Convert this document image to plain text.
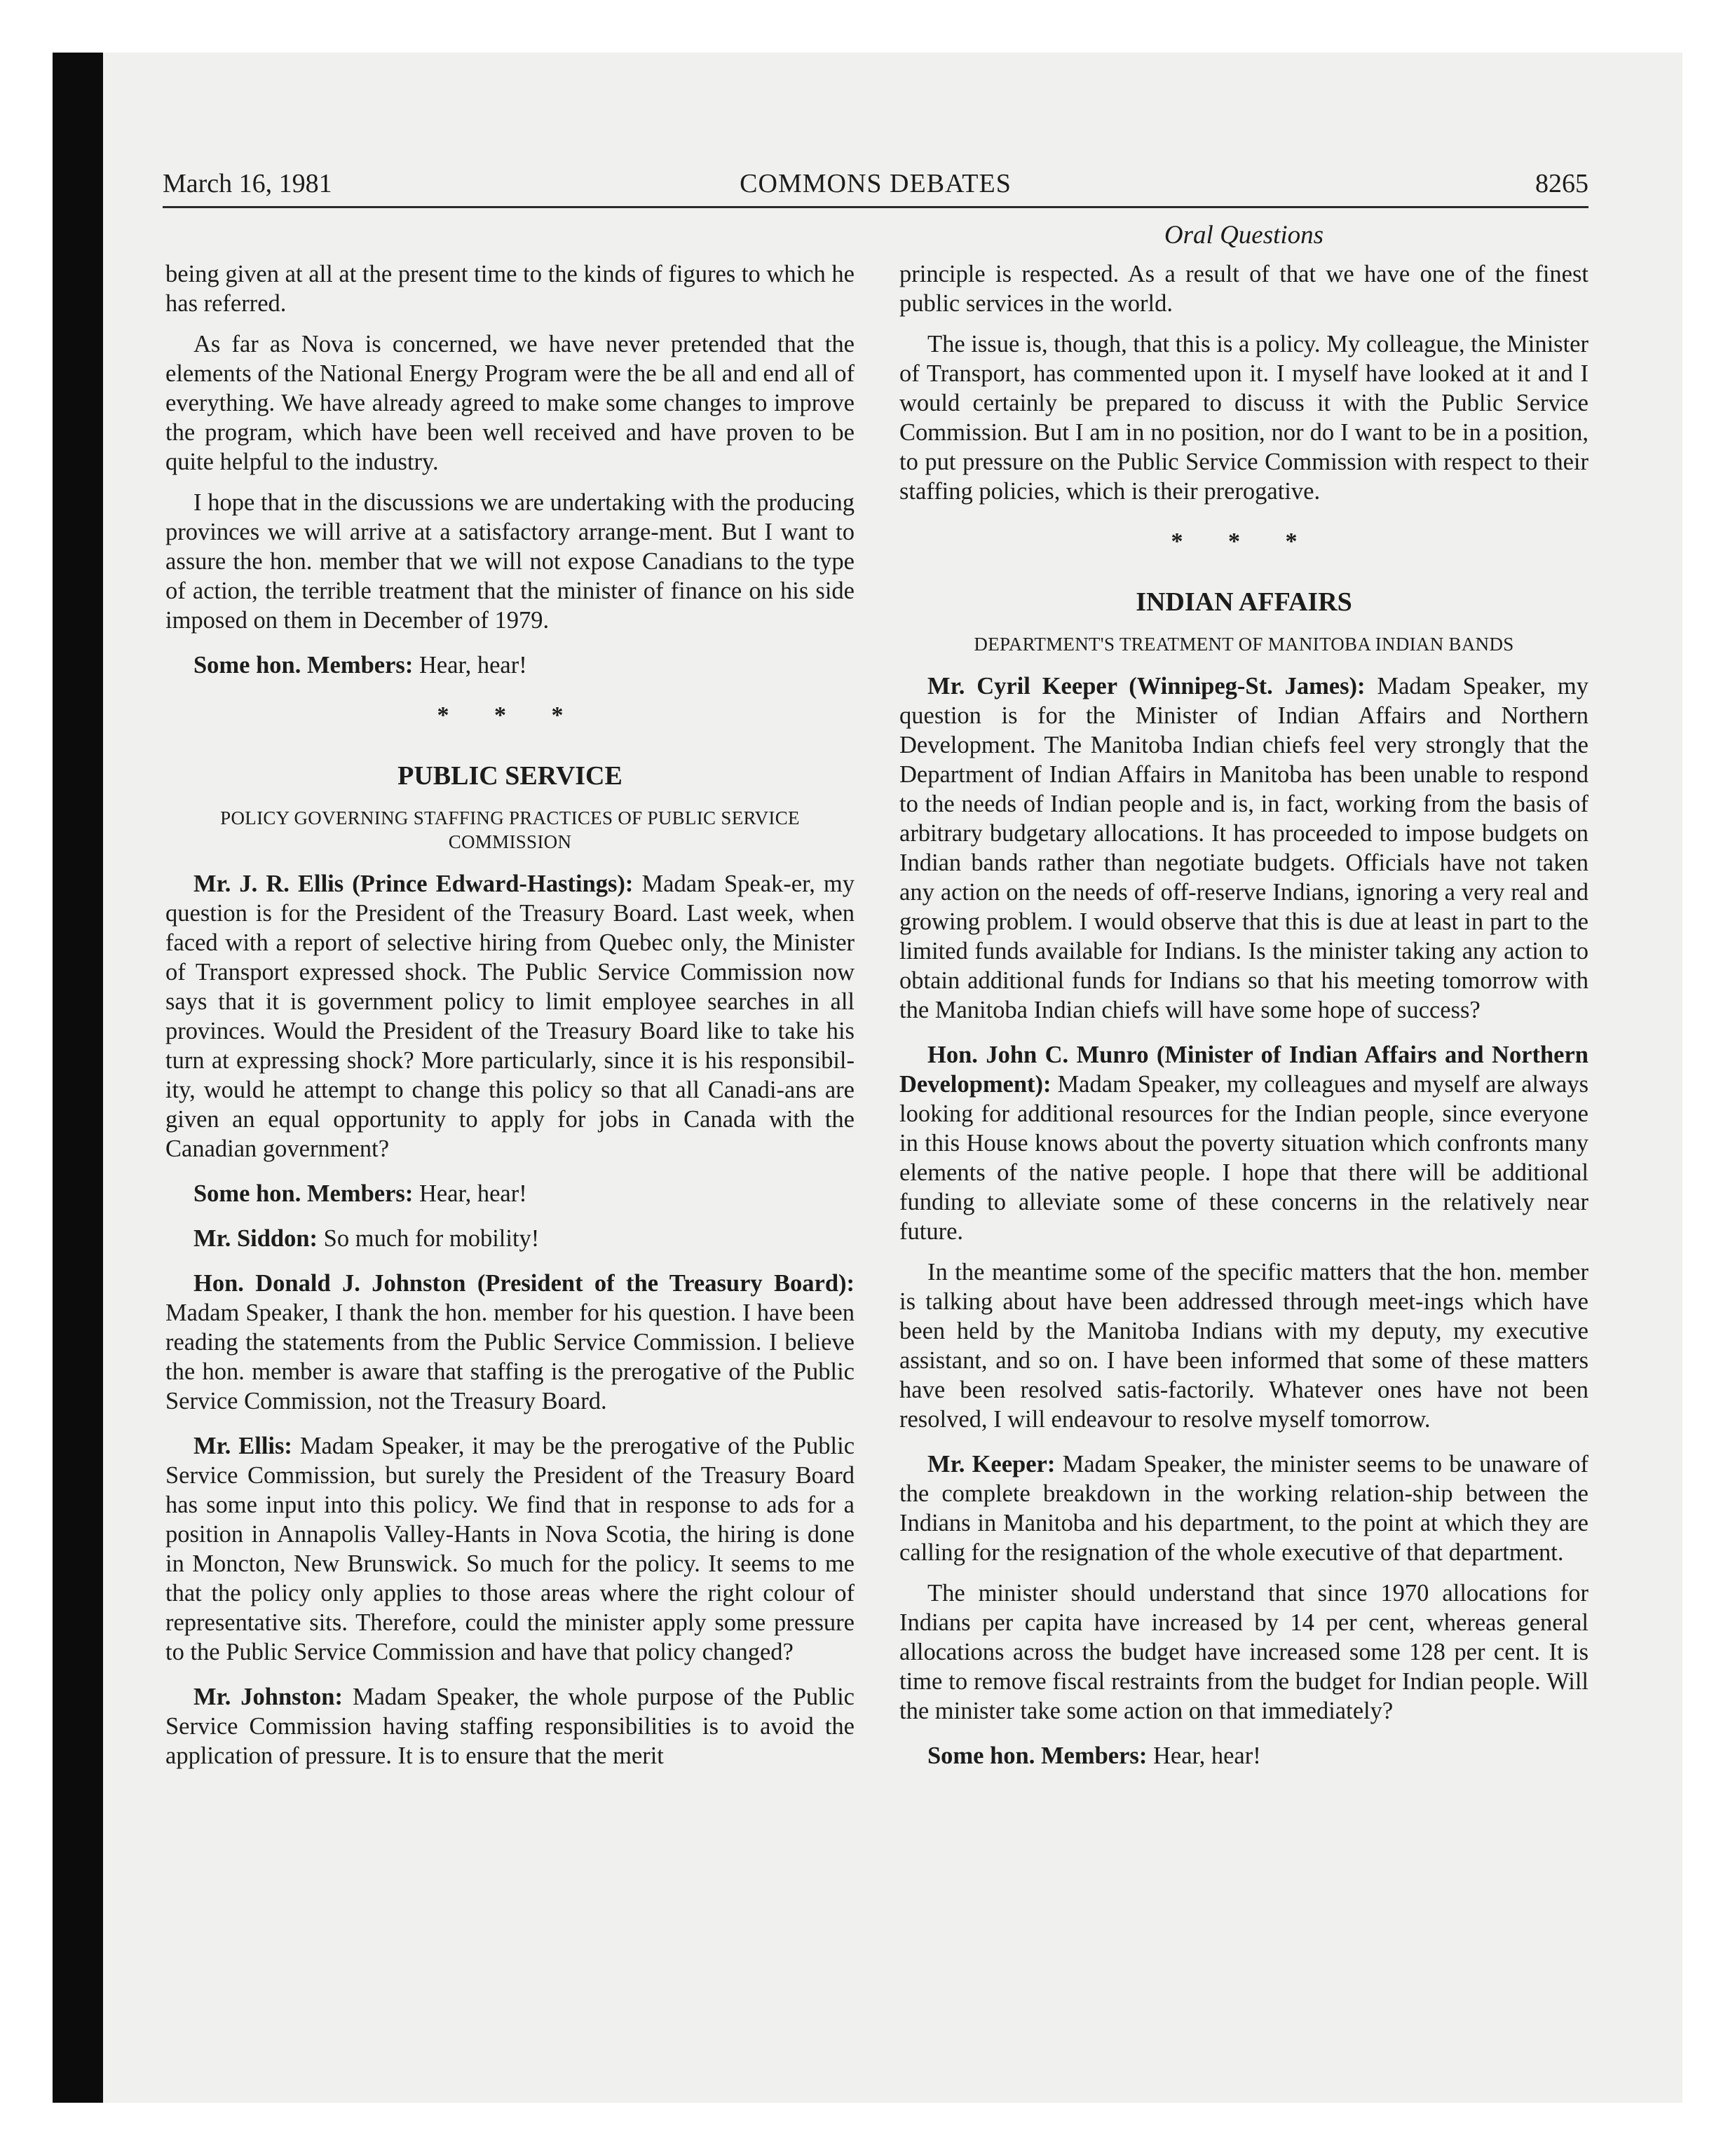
March 16, 1981	COMMONS DEBATES	8265
Oral Questions

being given at all at the present time to the kinds of figures to which he has referred.

As far as Nova is concerned, we have never pretended that the elements of the National Energy Program were the be all and end all of everything. We have already agreed to make some changes to improve the program, which have been well received and have proven to be quite helpful to the industry.

I hope that in the discussions we are undertaking with the producing provinces we will arrive at a satisfactory arrange-ment. But I want to assure the hon. member that we will not expose Canadians to the type of action, the terrible treatment that the minister of finance on his side imposed on them in December of 1979.

Some hon. Members: Hear, hear!

* * *
PUBLIC SERVICE
POLICY GOVERNING STAFFING PRACTICES OF PUBLIC SERVICE COMMISSION

Mr. J. R. Ellis (Prince Edward-Hastings): Madam Speak-er, my question is for the President of the Treasury Board. Last week, when faced with a report of selective hiring from Quebec only, the Minister of Transport expressed shock. The Public Service Commission now says that it is government policy to limit employee searches in all provinces. Would the President of the Treasury Board like to take his turn at expressing shock? More particularly, since it is his responsibil-ity, would he attempt to change this policy so that all Canadi-ans are given an equal opportunity to apply for jobs in Canada with the Canadian government?

Some hon. Members: Hear, hear!

Mr. Siddon: So much for mobility!

Hon. Donald J. Johnston (President of the Treasury Board): Madam Speaker, I thank the hon. member for his question. I have been reading the statements from the Public Service Commission. I believe the hon. member is aware that staffing is the prerogative of the Public Service Commission, not the Treasury Board.

Mr. Ellis: Madam Speaker, it may be the prerogative of the Public Service Commission, but surely the President of the Treasury Board has some input into this policy. We find that in response to ads for a position in Annapolis Valley-Hants in Nova Scotia, the hiring is done in Moncton, New Brunswick. So much for the policy. It seems to me that the policy only applies to those areas where the right colour of representative sits. Therefore, could the minister apply some pressure to the Public Service Commission and have that policy changed?

Mr. Johnston: Madam Speaker, the whole purpose of the Public Service Commission having staffing responsibilities is to avoid the application of pressure. It is to ensure that the merit

principle is respected. As a result of that we have one of the finest public services in the world.

The issue is, though, that this is a policy. My colleague, the Minister of Transport, has commented upon it. I myself have looked at it and I would certainly be prepared to discuss it with the Public Service Commission. But I am in no position, nor do I want to be in a position, to put pressure on the Public Service Commission with respect to their staffing policies, which is their prerogative.

* * *
INDIAN AFFAIRS
DEPARTMENT'S TREATMENT OF MANITOBA INDIAN BANDS

Mr. Cyril Keeper (Winnipeg-St. James): Madam Speaker, my question is for the Minister of Indian Affairs and Northern Development. The Manitoba Indian chiefs feel very strongly that the Department of Indian Affairs in Manitoba has been unable to respond to the needs of Indian people and is, in fact, working from the basis of arbitrary budgetary allocations. It has proceeded to impose budgets on Indian bands rather than negotiate budgets. Officials have not taken any action on the needs of off-reserve Indians, ignoring a very real and growing problem. I would observe that this is due at least in part to the limited funds available for Indians. Is the minister taking any action to obtain additional funds for Indians so that his meeting tomorrow with the Manitoba Indian chiefs will have some hope of success?

Hon. John C. Munro (Minister of Indian Affairs and Northern Development): Madam Speaker, my colleagues and myself are always looking for additional resources for the Indian people, since everyone in this House knows about the poverty situation which confronts many elements of the native people. I hope that there will be additional funding to alleviate some of these concerns in the relatively near future.

In the meantime some of the specific matters that the hon. member is talking about have been addressed through meet-ings which have been held by the Manitoba Indians with my deputy, my executive assistant, and so on. I have been informed that some of these matters have been resolved satis-factorily. Whatever ones have not been resolved, I will endeavour to resolve myself tomorrow.

Mr. Keeper: Madam Speaker, the minister seems to be unaware of the complete breakdown in the working relation-ship between the Indians in Manitoba and his department, to the point at which they are calling for the resignation of the whole executive of that department.

The minister should understand that since 1970 allocations for Indians per capita have increased by 14 per cent, whereas general allocations across the budget have increased some 128 per cent. It is time to remove fiscal restraints from the budget for Indian people. Will the minister take some action on that immediately?

Some hon. Members: Hear, hear!
